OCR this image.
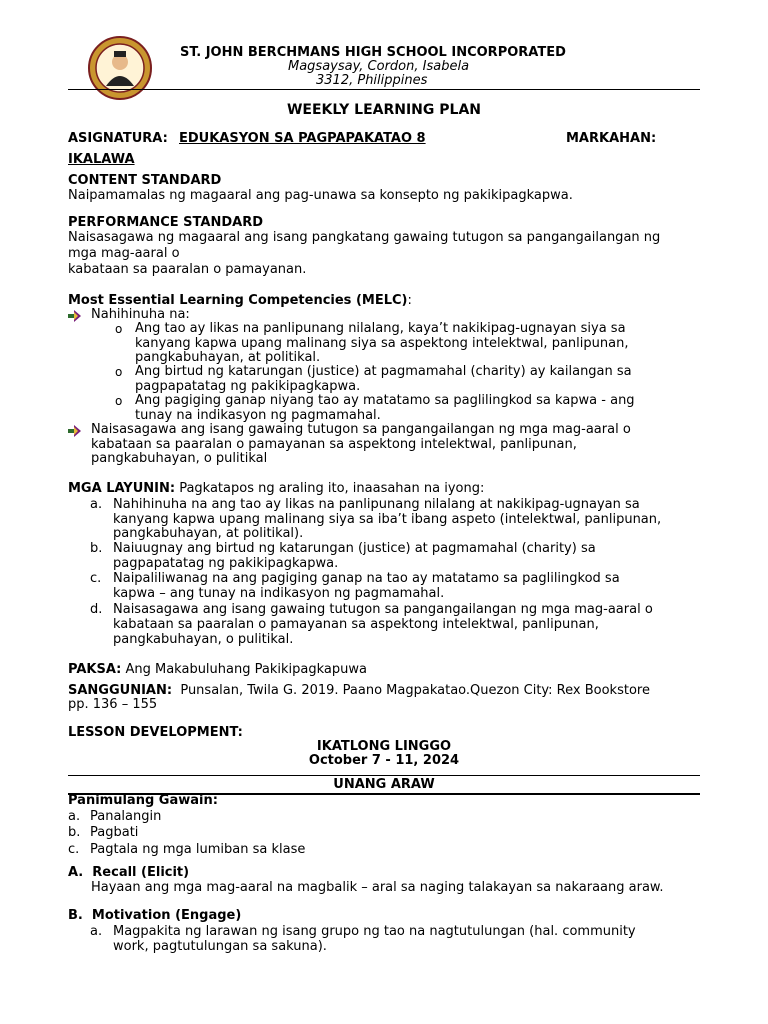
ST. JOHN BERCHMANS HIGH SCHOOL INCORPORATED
Magsaysay, Cordon, Isabela
3312, Philippines
WEEKLY LEARNING PLAN
ASIGNATURA: EDUKASYON SA PAGPAPAKATAO 8	MARKAHAN:
IKALAWA
CONTENT STANDARD
Naipamamalas ng magaaral ang pag-unawa sa konsepto ng pakikipagkapwa.
PERFORMANCE STANDARD
Naisasagawa ng magaaral ang isang pangkatang gawaing tutugon sa pangangailangan ng
mga mag-aaral o
kabataan sa paaralan o pamayanan.
Most Essential Learning Competencies (MELC):
Nahihinuha na:
o Ang tao ay likas na panlipunang nilalang, kaya’t nakikipag-ugnayan siya sa
kanyang kapwa upang malinang siya sa aspektong intelektwal, panlipunan,
pangkabuhayan, at politikal.
o Ang birtud ng katarungan (justice) at pagmamahal (charity) ay kailangan sa
pagpapatatag ng pakikipagkapwa.
o Ang pagiging ganap niyang tao ay matatamo sa paglilingkod sa kapwa - ang
tunay na indikasyon ng pagmamahal.
Naisasagawa ang isang gawaing tutugon sa pangangailangan ng mga mag-aaral o
kabataan sa paaralan o pamayanan sa aspektong intelektwal, panlipunan,
pangkabuhayan, o pulitikal
MGA LAYUNIN: Pagkatapos ng araling ito, inaasahan na iyong:
a. Nahihinuha na ang tao ay likas na panlipunang nilalang at nakikipag-ugnayan sa
kanyang kapwa upang malinang siya sa iba’t ibang aspeto (intelektwal, panlipunan,
pangkabuhayan, at politikal).
b. Naiuugnay ang birtud ng katarungan (justice) at pagmamahal (charity) sa
pagpapatatag ng pakikipagkapwa.
c. Naipaliliwanag na ang pagiging ganap na tao ay matatamo sa paglilingkod sa
kapwa – ang tunay na indikasyon ng pagmamahal.
d. Naisasagawa ang isang gawaing tutugon sa pangangailangan ng mga mag-aaral o
kabataan sa paaralan o pamayanan sa aspektong intelektwal, panlipunan,
pangkabuhayan, o pulitikal.
PAKSA: Ang Makabuluhang Pakikipagkapuwa
SANGGUNIAN:  Punsalan, Twila G. 2019. Paano Magpakatao.Quezon City: Rex Bookstore
pp. 136 – 155
LESSON DEVELOPMENT:
IKATLONG LINGGO
October 7 - 11, 2024
UNANG ARAW
Panimulang Gawain:
a. Panalangin
b. Pagbati
c. Pagtala ng mga lumiban sa klase
A.  Recall (Elicit)
Hayaan ang mga mag-aaral na magbalik – aral sa naging talakayan sa nakaraang araw.
B.  Motivation (Engage)
a. Magpakita ng larawan ng isang grupo ng tao na nagtutulungan (hal. community
work, pagtutulungan sa sakuna).
